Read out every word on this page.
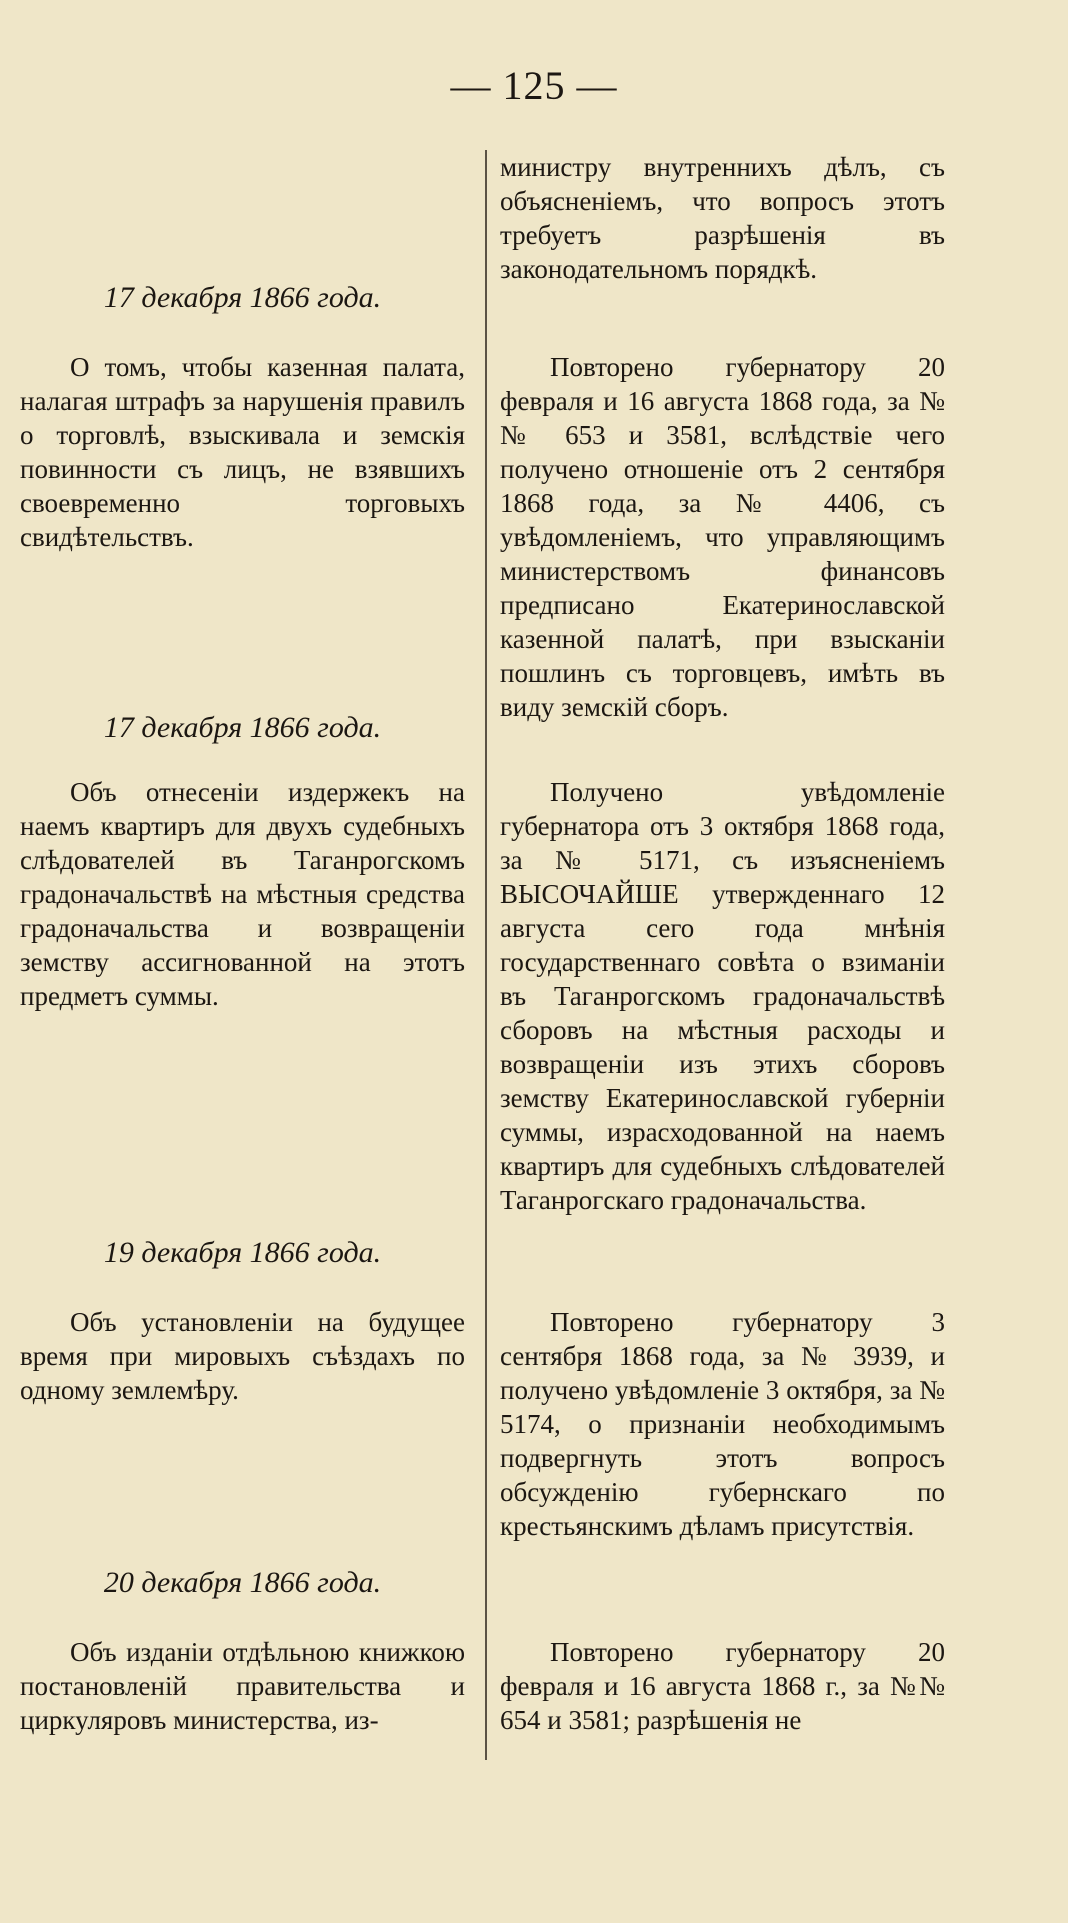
— 125 —

министру внутреннихъ дѣлъ, съ объясненіемъ, что вопросъ этотъ требуетъ разрѣшенія въ законодательномъ порядкѣ.

17 декабря 1866 года.

О томъ, чтобы казенная палата, налагая штрафъ за нарушенія правилъ о торговлѣ, взыскивала и земскія повинности съ лицъ, не взявшихъ своевременно торговыхъ свидѣтельствъ.

Повторено губернатору 20 февраля и 16 августа 1868 года, за №№ 653 и 3581, вслѣдствіе чего получено отношеніе отъ 2 сентября 1868 года, за № 4406, съ увѣдомленіемъ, что управляющимъ министерствомъ финансовъ предписано Екатеринославской казенной палатѣ, при взысканіи пошлинъ съ торговцевъ, имѣть въ виду земскій сборъ.

17 декабря 1866 года.

Объ отнесеніи издержекъ на наемъ квартиръ для двухъ судебныхъ слѣдователей въ Таганрогскомъ градоначальствѣ на мѣстныя средства градоначальства и возвращеніи земству ассигнованной на этотъ предметъ суммы.

Получено увѣдомленіе губернатора отъ 3 октября 1868 года, за № 5171, съ изъясненіемъ ВЫСОЧАЙШЕ утвержденнаго 12 августа сего года мнѣнія государственнаго совѣта о взиманіи въ Таганрогскомъ градоначальствѣ сборовъ на мѣстныя расходы и возвращеніи изъ этихъ сборовъ земству Екатеринославской губерніи суммы, израсходованной на наемъ квартиръ для судебныхъ слѣдователей Таганрогскаго градоначальства.

19 декабря 1866 года.

Объ установленіи на будущее время при мировыхъ съѣздахъ по одному землемѣру.

Повторено губернатору 3 сентября 1868 года, за № 3939, и получено увѣдомленіе 3 октября, за № 5174, о признаніи необходимымъ подвергнуть этотъ вопросъ обсужденію губернскаго по крестьянскимъ дѣламъ присутствія.

20 декабря 1866 года.

Объ изданіи отдѣльною книжкою постановленій правительства и циркуляровъ министерства, из-

Повторено губернатору 20 февраля и 16 августа 1868 г., за №№ 654 и 3581; разрѣшенія не
